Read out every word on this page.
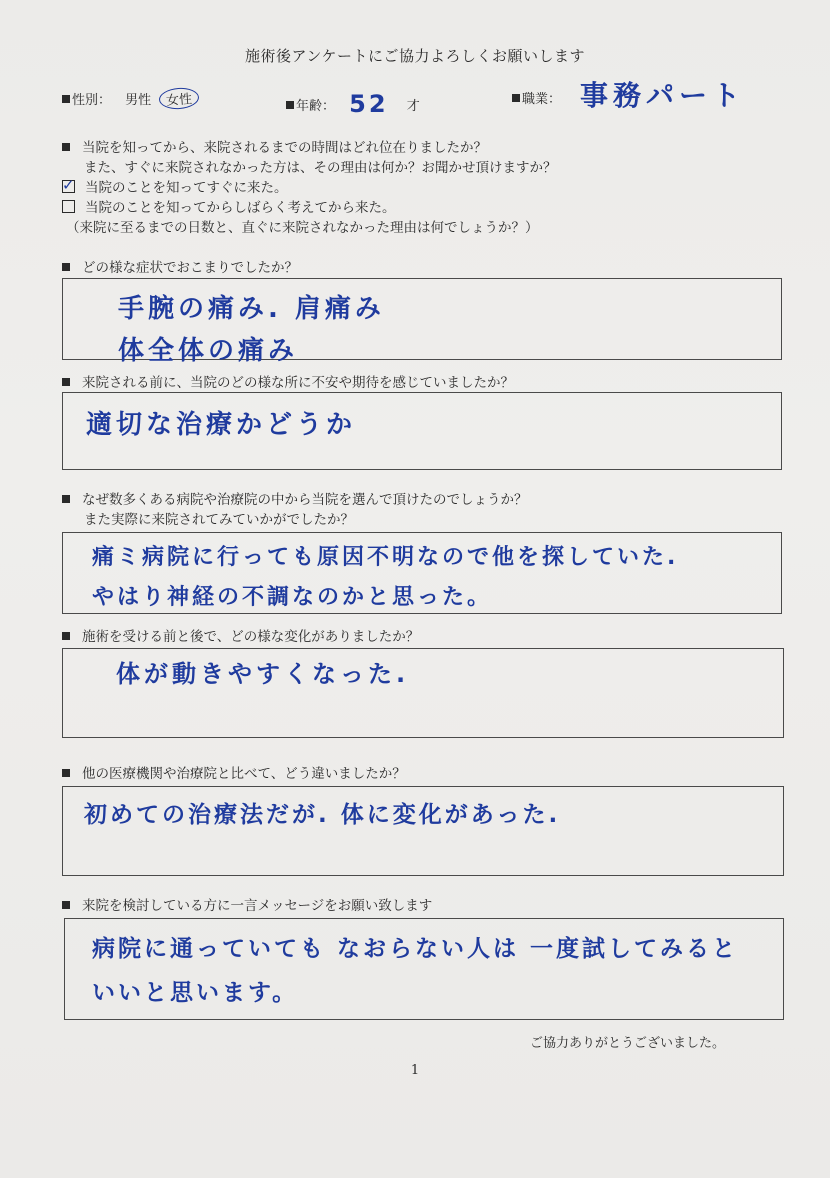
施術後アンケートにご協力よろしくお願いします
性別： 男性 女性	年齢： 52 才	職業： 事務パート
当院を知ってから、来院されるまでの時間はどれ位在りましたか？
また、すぐに来院されなかった方は、その理由は何か？お聞かせ頂けますか？
✓ 当院のことを知ってすぐに来た。
当院のことを知ってからしばらく考えてから来た。
（来院に至るまでの日数と、直ぐに来院されなかった理由は何でしょうか？）
どの様な症状でおこまりでしたか？
手腕の痛み. 肩痛み
体全体の痛み
来院される前に、当院のどの様な所に不安や期待を感じていましたか？
適切な治療かどうか
なぜ数多くある病院や治療院の中から当院を選んで頂けたのでしょうか？
また実際に来院されてみていかがでしたか？
痛ミ病院に行っても原因不明なので他を探していた.
やはり神経の不調なのかと思った。
施術を受ける前と後で、どの様な変化がありましたか？
体が動きやすくなった.
他の医療機関や治療院と比べて、どう違いましたか？
初めての治療法だが. 体に変化があった.
来院を検討している方に一言メッセージをお願い致します
病院に通っていても なおらない人は 一度試してみると
いいと思います。
ご協力ありがとうございました。
1
